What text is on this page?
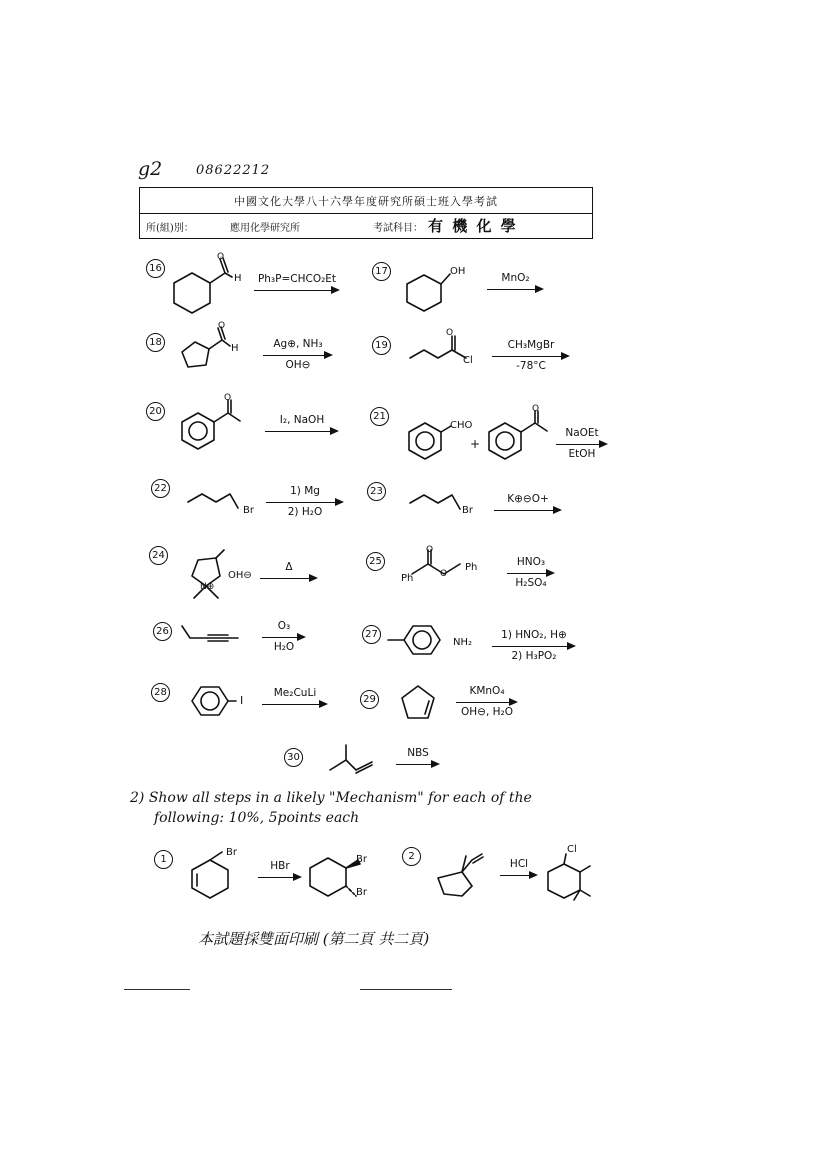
g2	08622212
中國文化大學八十六學年度研究所碩士班入學考試
所(組)別：	應用化學研究所	考試科目： 有 機 化 學
16
O
H	Ph₃P=CHCO₂Et
17	OH
MnO₂
18
O
H	Ag⊕, NH₃
OH⊖
19
O
Cl
CH₃MgBr
-78°C
20
O
I₂, NaOH	21
CHO
+
O
NaOEt
EtOH
22
Br
1) Mg
2) H₂O
23
Br
K⊕⊖O+
24
N⊕
OH⊖
Δ	25
O
O
Ph
Ph	HNO₃
H₂SO₄
26	O₃
H₂O
27
NH₂
1) HNO₂, H⊕
2) H₃PO₂
28
I
Me₂CuLi
29
KMnO₄
OH⊖, H₂O
30	NBS
2) Show all steps in a likely "Mechanism" for each of the
following: 10%, 5points each
1
Br
HBr
Br
Br
2
HCl
Cl
本試題採雙面印刷 (第二頁 共二頁)
